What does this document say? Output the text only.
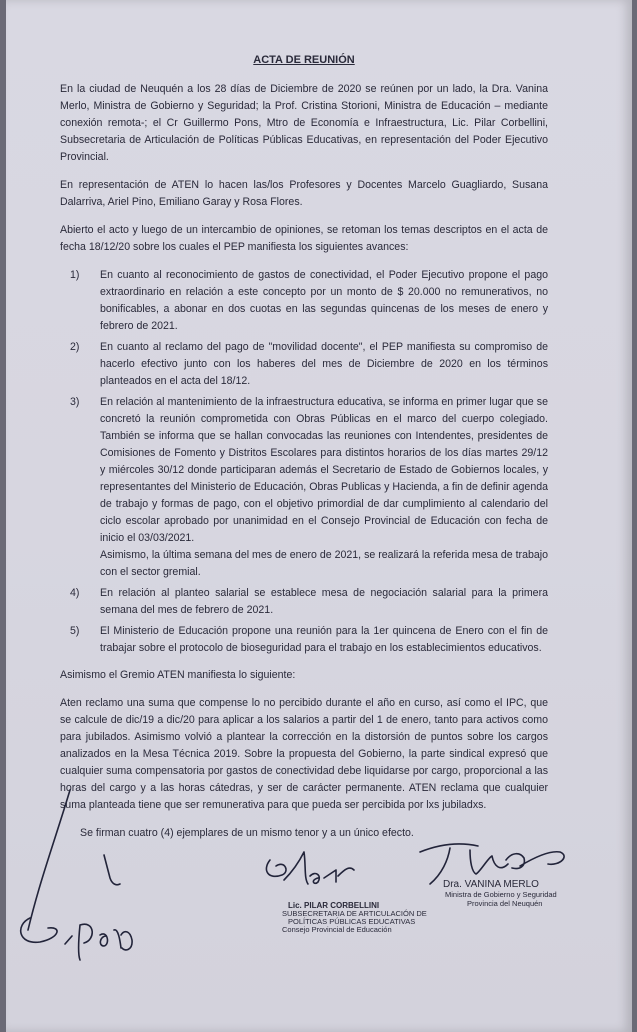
ACTA DE REUNIÓN

En la ciudad de Neuquén a los 28 días de Diciembre de 2020 se reúnen por un lado, la Dra. Vanina Merlo, Ministra de Gobierno y Seguridad; la Prof. Cristina Storioni, Ministra de Educación – mediante conexión remota-; el Cr Guillermo Pons, Mtro de Economía e Infraestructura, Lic. Pilar Corbellini, Subsecretaria de Articulación de Políticas Públicas Educativas, en representación del Poder Ejecutivo Provincial.

En representación de ATEN lo hacen las/los Profesores y Docentes Marcelo Guagliardo, Susana Dalarriva, Ariel Pino, Emiliano Garay y Rosa Flores.

Abierto el acto y luego de un intercambio de opiniones, se retoman los temas descriptos en el acta de fecha 18/12/20 sobre los cuales el PEP manifiesta los siguientes avances:

1)	En cuanto al reconocimiento de gastos de conectividad, el Poder Ejecutivo propone el pago extraordinario en relación a este concepto por un monto de $ 20.000 no remunerativos, no bonificables, a abonar en dos cuotas en las segundas quincenas de los meses de enero y febrero de 2021.
2)	En cuanto al reclamo del pago de "movilidad docente", el PEP manifiesta su compromiso de hacerlo efectivo junto con los haberes del mes de Diciembre de 2020 en los términos planteados en el acta del 18/12.
3)	En relación al mantenimiento de la infraestructura educativa, se informa en primer lugar que se concretó la reunión comprometida con Obras Públicas en el marco del cuerpo colegiado. También se informa que se hallan convocadas las reuniones con Intendentes, presidentes de Comisiones de Fomento y Distritos Escolares para distintos horarios de los días martes 29/12 y miércoles 30/12 donde participaran además el Secretario de Estado de Gobiernos locales, y representantes del Ministerio de Educación, Obras Publicas y Hacienda, a fin de definir agenda de trabajo y formas de pago, con el objetivo primordial de dar cumplimiento al calendario del ciclo escolar aprobado por unanimidad en el Consejo Provincial de Educación con fecha de inicio el 03/03/2021.
Asimismo, la última semana del mes de enero de 2021, se realizará la referida mesa de trabajo con el sector gremial.
4)	En relación al planteo salarial se establece mesa de negociación salarial para la primera semana del mes de febrero de 2021.
5)	El Ministerio de Educación propone una reunión para la 1er quincena de Enero con el fin de trabajar sobre el protocolo de bioseguridad para el trabajo en los establecimientos educativos.

Asimismo el Gremio ATEN manifiesta lo siguiente:

Aten reclamo una suma que compense lo no percibido durante el año en curso, así como el IPC, que se calcule de dic/19 a dic/20 para aplicar a los salarios a partir del 1 de enero, tanto para activos como para jubilados. Asimismo volvió a plantear la corrección en la distorsión de puntos sobre los cargos analizados en la Mesa Técnica 2019. Sobre la propuesta del Gobierno, la parte sindical expresó que cualquier suma compensatoria por gastos de conectividad debe liquidarse por cargo, proporcional a las horas del cargo y a las horas cátedras, y ser de carácter permanente. ATEN reclama que cualquier suma planteada tiene que ser remunerativa para que pueda ser percibida por lxs jubiladxs.

Se firman cuatro (4) ejemplares de un mismo tenor y a un único efecto.

Dra. VANINA MERLO
Ministra de Gobierno y Seguridad
Provincia del Neuquén
Lic. PILAR CORBELLINI
SUBSECRETARIA DE ARTICULACIÓN DE
POLÍTICAS PÚBLICAS EDUCATIVAS
Consejo Provincial de Educación
